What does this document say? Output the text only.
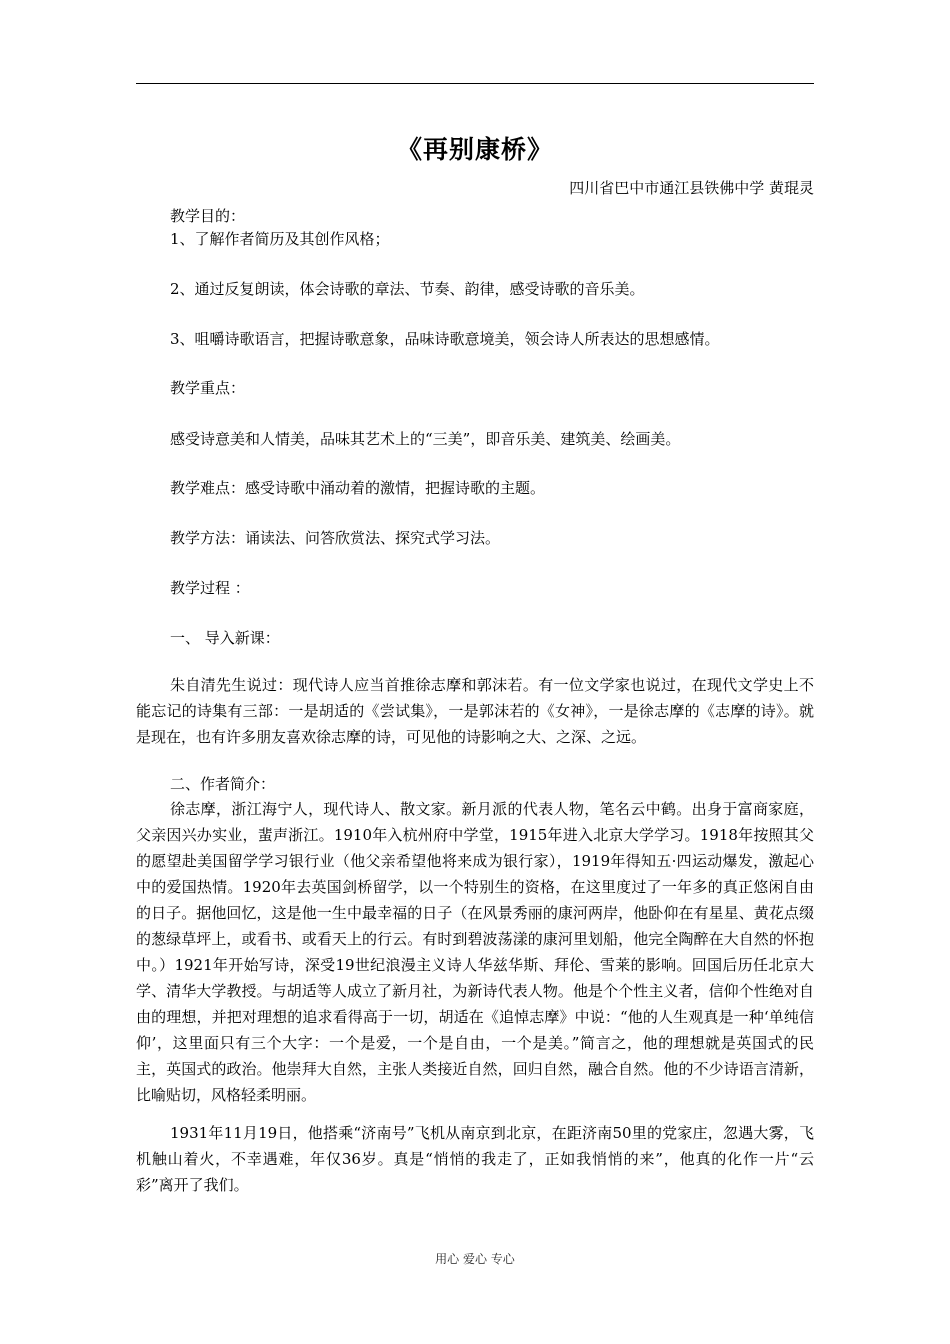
《再别康桥》
四川省巴中市通江县铁佛中学 黄琨灵
教学目的：
1、了解作者简历及其创作风格；
2、通过反复朗读，体会诗歌的章法、节奏、韵律，感受诗歌的音乐美。
3、咀嚼诗歌语言，把握诗歌意象，品味诗歌意境美，领会诗人所表达的思想感情。
教学重点：
感受诗意美和人情美，品味其艺术上的“三美”，即音乐美、建筑美、绘画美。
教学难点：感受诗歌中涌动着的激情，把握诗歌的主题。
教学方法：诵读法、问答欣赏法、探究式学习法。
教学过程 ：
一、 导入新课：

朱自清先生说过：现代诗人应当首推徐志摩和郭沫若。有一位文学家也说过，在现代文学史上不能忘记的诗集有三部：一是胡适的《尝试集》，一是郭沫若的《女神》，一是徐志摩的《志摩的诗》。就是现在，也有许多朋友喜欢徐志摩的诗，可见他的诗影响之大、之深、之远。

二、作者简介：

徐志摩，浙江海宁人，现代诗人、散文家。新月派的代表人物，笔名云中鹤。出身于富商家庭，父亲因兴办实业，蜚声浙江。1910年入杭州府中学堂，1915年进入北京大学学习。1918年按照其父的愿望赴美国留学学习银行业（他父亲希望他将来成为银行家），1919年得知五·四运动爆发，激起心中的爱国热情。1920年去英国剑桥留学，以一个特别生的资格，在这里度过了一年多的真正悠闲自由的日子。据他回忆，这是他一生中最幸福的日子（在风景秀丽的康河两岸，他卧仰在有星星、黄花点缀的葱绿草坪上，或看书、或看天上的行云。有时到碧波荡漾的康河里划船，他完全陶醉在大自然的怀抱中。）1921年开始写诗，深受19世纪浪漫主义诗人华兹华斯、拜伦、雪莱的影响。回国后历任北京大学、清华大学教授。与胡适等人成立了新月社，为新诗代表人物。他是个个性主义者，信仰个性绝对自由的理想，并把对理想的追求看得高于一切，胡适在《追悼志摩》中说：“他的人生观真是一种‘单纯信仰’，这里面只有三个大字：一个是爱，一个是自由，一个是美。”简言之，他的理想就是英国式的民主，英国式的政治。他崇拜大自然，主张人类接近自然，回归自然，融合自然。他的不少诗语言清新，比喻贴切，风格轻柔明丽。

1931年11月19日，他搭乘“济南号”飞机从南京到北京，在距济南50里的党家庄，忽遇大雾，飞机触山着火，不幸遇难，年仅36岁。真是“悄悄的我走了，正如我悄悄的来”，他真的化作一片“云彩”离开了我们。

用心 爱心 专心
